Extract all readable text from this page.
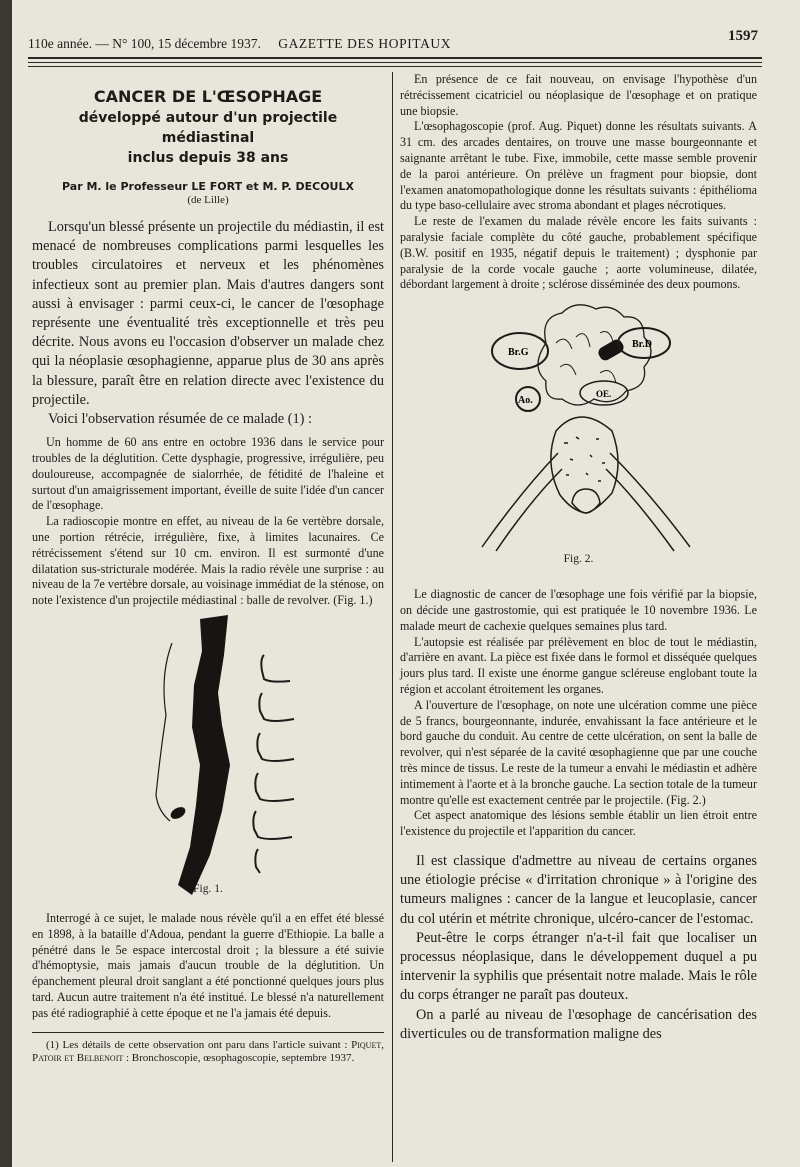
110e année. — N° 100, 15 décembre 1937. GAZETTE DES HOPITAUX	1597
CANCER DE L'ŒSOPHAGE
développé autour d'un projectile médiastinal
inclus depuis 38 ans
Par M. le Professeur LE FORT et M. P. DECOULX
(de Lille)

Lorsqu'un blessé présente un projectile du médiastin, il est menacé de nombreuses complications parmi lesquelles les troubles circulatoires et nerveux et les phénomènes infectieux sont au premier plan. Mais d'autres dangers sont aussi à envisager : parmi ceux-ci, le cancer de l'œsophage représente une éventualité très exceptionnelle et très peu décrite. Nous avons eu l'occasion d'observer un malade chez qui la néoplasie œsophagienne, apparue plus de 30 ans après la blessure, paraît être en relation directe avec l'existence du projectile.

Voici l'observation résumée de ce malade (1) :

Un homme de 60 ans entre en octobre 1936 dans le service pour troubles de la déglutition. Cette dysphagie, progressive, irrégulière, peu douloureuse, accompagnée de sialorrhée, de fétidité de l'haleine et surtout d'un amaigrissement important, éveille de suite l'idée d'un cancer de l'œsophage.

La radioscopie montre en effet, au niveau de la 6e vertèbre dorsale, une portion rétrécie, irrégulière, fixe, à limites lacunaires. Ce rétrécissement s'étend sur 10 cm. environ. Il est surmonté d'une dilatation sus-stricturale modérée. Mais la radio révèle une surprise : au niveau de la 7e vertèbre dorsale, au voisinage immédiat de la sténose, on note l'existence d'un projectile médiastinal : balle de revolver. (Fig. 1.)

Fig. 1.

Interrogé à ce sujet, le malade nous révèle qu'il a en effet été blessé en 1898, à la bataille d'Adoua, pendant la guerre d'Ethiopie. La balle a pénétré dans le 5e espace intercostal droit ; la blessure a été suivie d'hémoptysie, mais jamais d'aucun trouble de la déglutition. Un épanchement pleural droit sanglant a été ponctionné quelques jours plus tard. Aucun autre traitement n'a été institué. Le blessé n'a naturellement pas été radiographié à cette époque et ne l'a jamais été depuis.

(1) Les détails de cette observation ont paru dans l'article suivant : Piquet, Patoir et Belbenoit : Bronchoscopie, œsophagoscopie, septembre 1937.

En présence de ce fait nouveau, on envisage l'hypothèse d'un rétrécissement cicatriciel ou néoplasique de l'œsophage et on pratique une biopsie.

L'œsophagoscopie (prof. Aug. Piquet) donne les résultats suivants. A 31 cm. des arcades dentaires, on trouve une masse bourgeonnante et saignante arrêtant le tube. Fixe, immobile, cette masse semble provenir de la paroi antérieure. On prélève un fragment pour biopsie, dont l'examen anatomopathologique donne les résultats suivants : épithélioma du type baso-cellulaire avec stroma abondant et plages nécrotiques.

Le reste de l'examen du malade révèle encore les faits suivants : paralysie faciale complète du côté gauche, probablement spécifique (B.W. positif en 1935, négatif depuis le traitement) ; dysphonie par paralysie de la corde vocale gauche ; aorte volumineuse, dilatée, débordant largement à droite ; sclérose disséminée des deux poumons.

Br.G
Br.D
Ao.
OE.
Fig. 2.

Le diagnostic de cancer de l'œsophage une fois vérifié par la biopsie, on décide une gastrostomie, qui est pratiquée le 10 novembre 1936. Le malade meurt de cachexie quelques semaines plus tard.

L'autopsie est réalisée par prélèvement en bloc de tout le médiastin, d'arrière en avant. La pièce est fixée dans le formol et disséquée quelques jours plus tard. Il existe une énorme gangue scléreuse englobant toute la région et accolant étroitement les organes.

A l'ouverture de l'œsophage, on note une ulcération comme une pièce de 5 francs, bourgeonnante, indurée, envahissant la face antérieure et le bord gauche du conduit. Au centre de cette ulcération, on sent la balle de revolver, qui n'est séparée de la cavité œsophagienne que par une couche très mince de tissus. Le reste de la tumeur a envahi le médiastin et adhère intimement à l'aorte et à la bronche gauche. La section totale de la tumeur montre qu'elle est exactement centrée par le projectile. (Fig. 2.)

Cet aspect anatomique des lésions semble établir un lien étroit entre l'existence du projectile et l'apparition du cancer.

Il est classique d'admettre au niveau de certains organes une étiologie précise « d'irritation chronique » à l'origine des tumeurs malignes : cancer de la langue et leucoplasie, cancer du col utérin et métrite chronique, ulcéro-cancer de l'estomac.

Peut-être le corps étranger n'a-t-il fait que localiser un processus néoplasique, dans le développement duquel a pu intervenir la syphilis que présentait notre malade. Mais le rôle du corps étranger ne paraît pas douteux.

On a parlé au niveau de l'œsophage de cancérisation des diverticules ou de transformation maligne des
